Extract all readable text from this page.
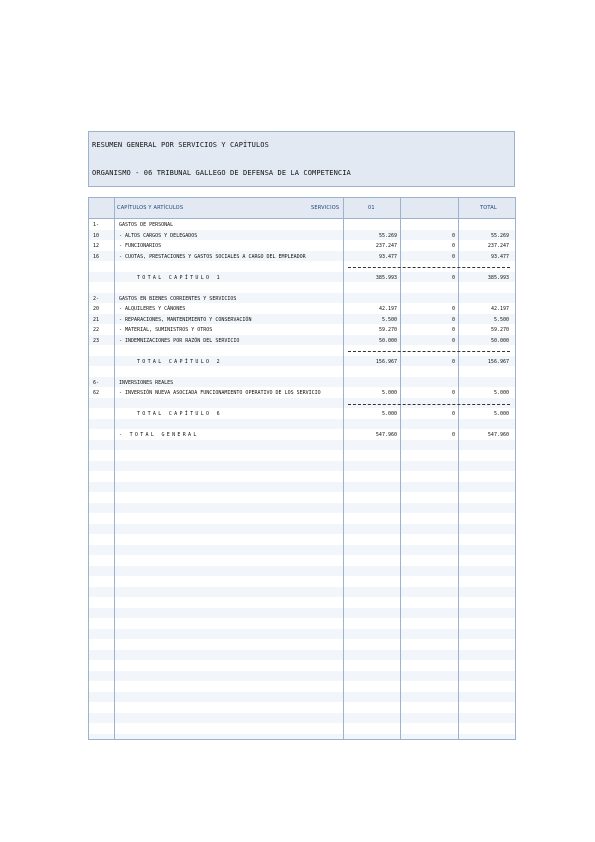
RESUMEN GENERAL POR SERVICIOS Y CAPÍTULOS
ORGANISMO - 06 TRIBUNAL GALLEGO DE DEFENSA DE LA COMPETENCIA
CAPÍTULOS Y ARTÍCULOS	SERVICIOS	01	TOTAL
1-	GASTOS DE PERSONAL
10	- ALTOS CARGOS Y DELEGADOS	55.269	0	55.269
12	- FUNCIONARIOS	237.247	0	237.247
16	- CUOTAS, PRESTACIONES Y GASTOS SOCIALES A CARGO DEL EMPLEADOR	93.477	0	93.477
TOTAL CAPÍTULO 1	385.993	0	385.993
2-	GASTOS EN BIENES CORRIENTES Y SERVICIOS
20	- ALQUILERES Y CÁNONES	42.197	0	42.197
21	- REPARACIONES, MANTENIMIENTO Y CONSERVACIÓN	5.500	0	5.500
22	- MATERIAL, SUMINISTROS Y OTROS	59.270	0	59.270
23	- INDEMNIZACIONES POR RAZÓN DEL SERVICIO	50.000	0	50.000
TOTAL CAPÍTULO 2	156.967	0	156.967
6-	INVERSIONES REALES
62	- INVERSIÓN NUEVA ASOCIADA FUNCIONAMIENTO OPERATIVO DE LOS SERVICIO	5.000	0	5.000
TOTAL CAPÍTULO 6	5.000	0	5.000
- TOTAL GENERAL	547.960	0	547.960
